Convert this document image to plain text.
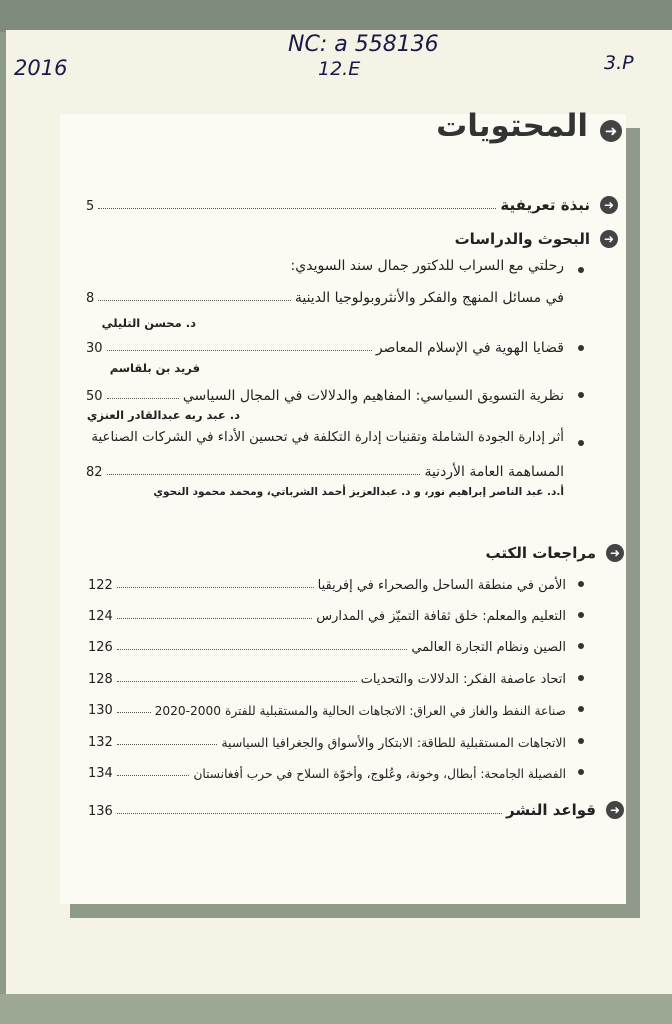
2016
NC: a 558136
12.E	3.P
➜
المحتويات
➜
نبذة تعريفية
5
➜
البحوث والدراسات
رحلتي مع السراب للدكتور جمال سند السويدي:
في مسائل المنهج والفكر والأنثروبولوجيا الدينية
8
د. محسن التليلي
قضايا الهوية في الإسلام المعاصر
30
فريد بن بلقاسم
نظرية التسويق السياسي: المفاهيم والدلالات في المجال السياسي
50
د. عبد ربه عبدالقادر العنزي
أثر إدارة الجودة الشاملة وتقنيات إدارة التكلفة في تحسين الأداء في الشركات الصناعية
المساهمة العامة الأردنية
82
أ.د. عبد الناصر إبراهيم نور، و د. عبدالعزيز أحمد الشرباتي، ومحمد محمود النحوي
➜
مراجعات الكتب
الأمن في منطقة الساحل والصحراء في إفريقيا
122
التعليم والمعلم: خلق ثقافة التميّز في المدارس
124
الصين ونظام التجارة العالمي
126
اتحاد عاصفة الفكر: الدلالات والتحديات
128
صناعة النفط والغاز في العراق: الاتجاهات الحالية والمستقبلية للفترة 2000-2020
130
الاتجاهات المستقبلية للطاقة: الابتكار والأسواق والجغرافيا السياسية
132
الفصيلة الجامحة: أبطال، وخونة، وعُلوج، وأخوّة السلاح في حرب أفغانستان
134
➜
قواعد النشر
136
